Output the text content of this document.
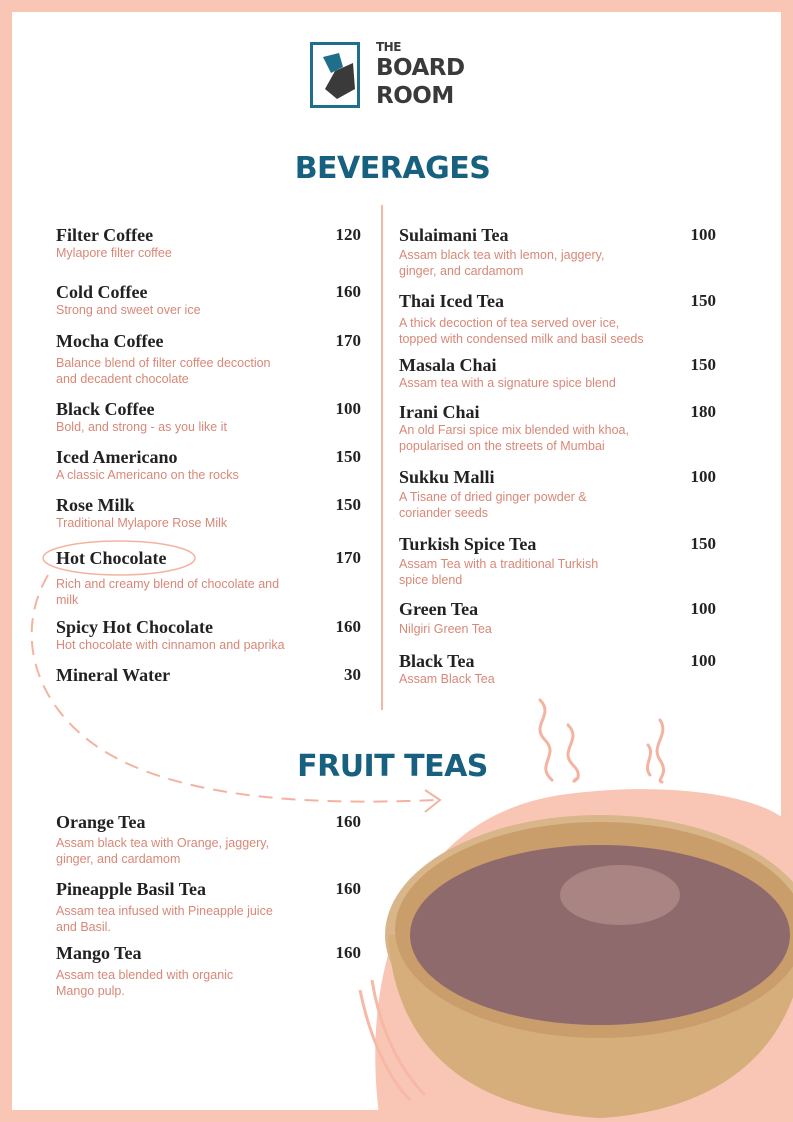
THE
BOARD
ROOM
BEVERAGES
FRUIT TEAS
Filter Coffee	120
Mylapore filter coffee
Cold Coffee	160
Strong and sweet over ice
Mocha Coffee	170
Balance blend of filter coffee decoction
and decadent chocolate
Black Coffee	100
Bold, and strong - as you like it
Iced Americano	150
A classic Americano on the rocks
Rose Milk	150
Traditional Mylapore Rose Milk
Hot Chocolate	170
Rich and creamy blend of chocolate and
milk
Spicy Hot Chocolate	160
Hot chocolate with cinnamon and paprika
Mineral Water	30
Sulaimani Tea	100
Assam black tea with lemon, jaggery,
ginger, and cardamom
Thai Iced Tea	150
A thick decoction of tea served over ice,
topped with condensed milk and basil seeds
Masala Chai	150
Assam tea with a signature spice blend
Irani Chai	180
An old Farsi spice mix blended with khoa,
popularised on the streets of Mumbai
Sukku Malli	100
A Tisane of dried ginger powder &
coriander seeds
Turkish Spice Tea	150
Assam Tea with a traditional Turkish
spice blend
Green Tea	100
Nilgiri Green Tea
Black Tea	100
Assam Black Tea
Orange Tea	160
Assam black tea with Orange, jaggery,
ginger, and cardamom
Pineapple Basil Tea	160
Assam tea infused with Pineapple juice
and Basil.
Mango Tea	160
Assam tea blended with organic
Mango pulp.
